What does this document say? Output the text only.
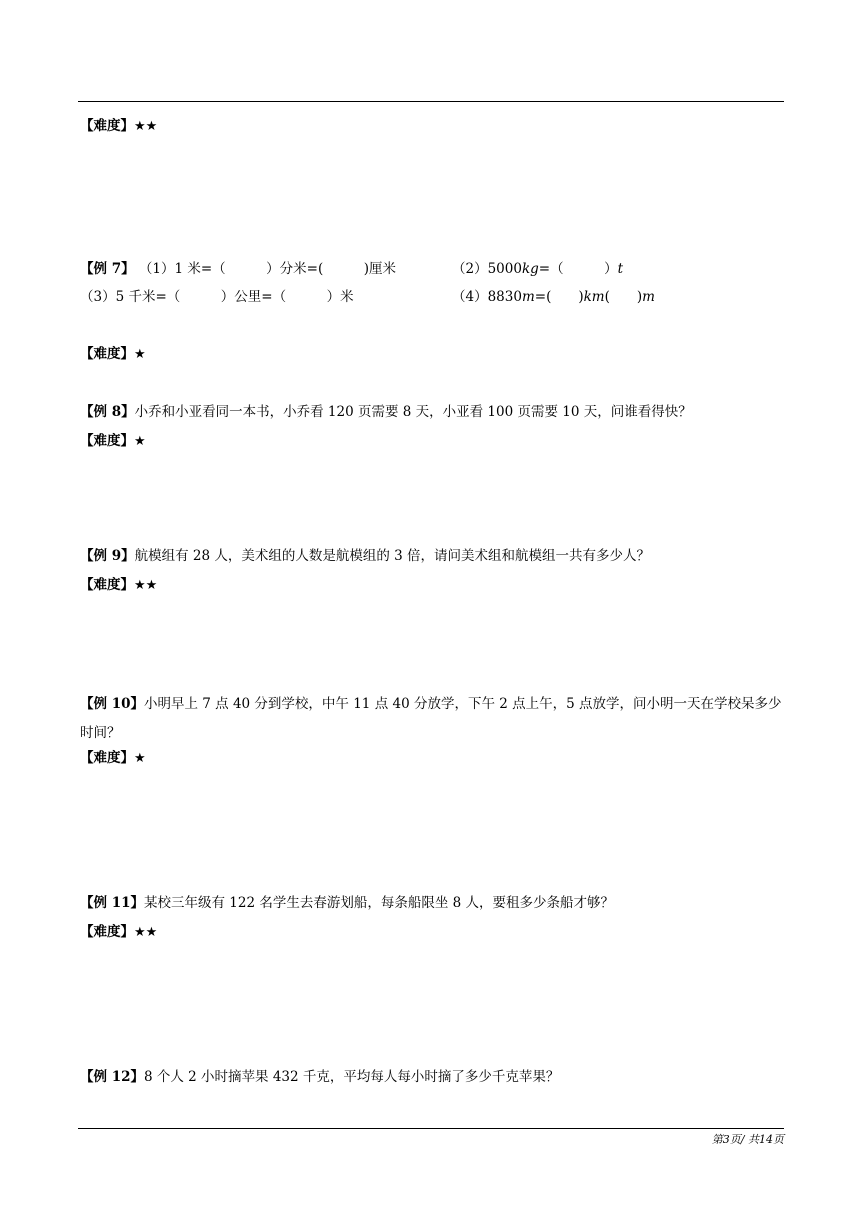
【难度】★★
【例 7】 （1）1 米=（　　　）分米=(　　　)厘米	（2）5000kg=（　　　）t
（3）5 千米=（　　　）公里=（　　　）米	（4）8830m=(　　)km(　　)m
【难度】★
【例 8】小乔和小亚看同一本书，小乔看 120 页需要 8 天，小亚看 100 页需要 10 天，问谁看得快？
【难度】★
【例 9】航模组有 28 人，美术组的人数是航模组的 3 倍，请问美术组和航模组一共有多少人？
【难度】★★
【例 10】小明早上 7 点 40 分到学校，中午 11 点 40 分放学，下午 2 点上午，5 点放学，问小明一天在学校呆多少时间？
【难度】★
【例 11】某校三年级有 122 名学生去春游划船，每条船限坐 8 人，要租多少条船才够？
【难度】★★
【例 12】8 个人 2 小时摘苹果 432 千克，平均每人每小时摘了多少千克苹果？
第3页/ 共14页
